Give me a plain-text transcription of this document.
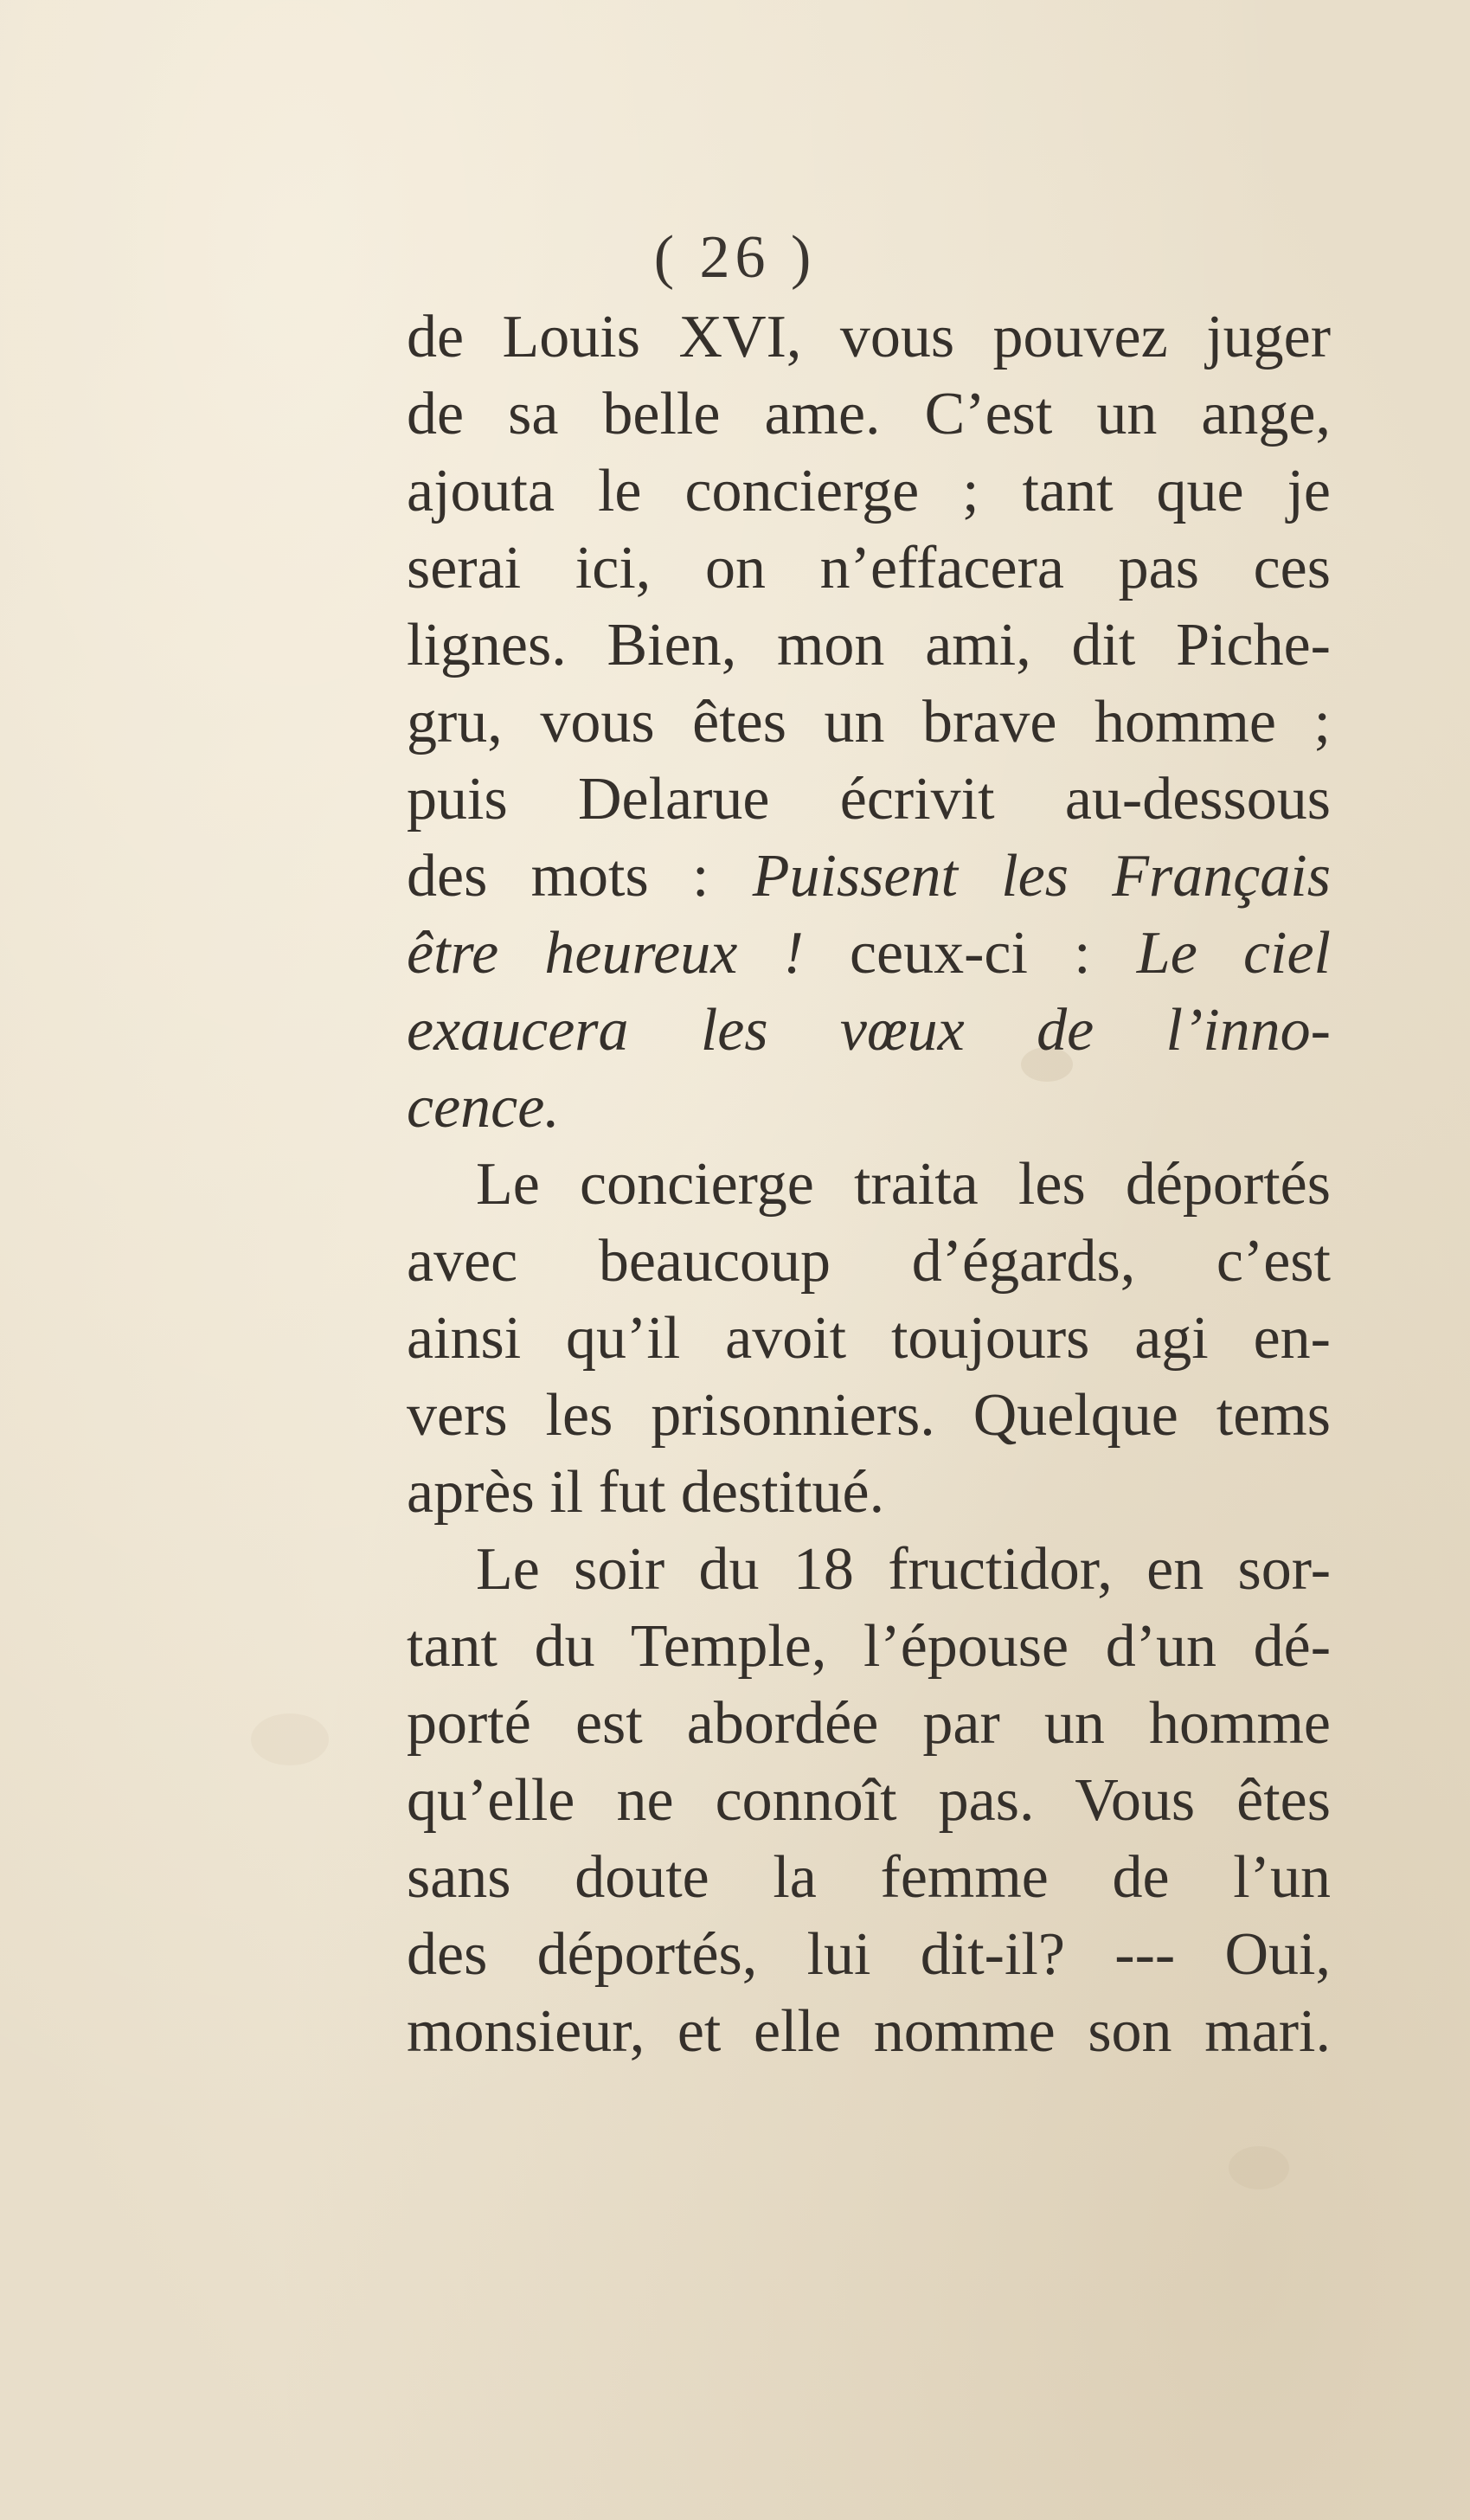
( 26 )
de Louis XVI, vous pouvez juger
de sa belle ame. C’est un ange,
ajouta le concierge ; tant que je
serai ici, on n’effacera pas ces
lignes. Bien, mon ami, dit Piche-
gru, vous êtes un brave homme ;
puis Delarue écrivit au-dessous
des mots : Puissent les Français
être heureux ! ceux-ci : Le ciel
exaucera les vœux de l’inno-
cence.
Le concierge traita les déportés
avec beaucoup d’égards, c’est
ainsi qu’il avoit toujours agi en-
vers les prisonniers. Quelque tems
après il fut destitué.
Le soir du 18 fructidor, en sor-
tant du Temple, l’épouse d’un dé-
porté est abordée par un homme
qu’elle ne connoît pas. Vous êtes
sans doute la femme de l’un
des déportés, lui dit-il? --- Oui,
monsieur, et elle nomme son mari.
